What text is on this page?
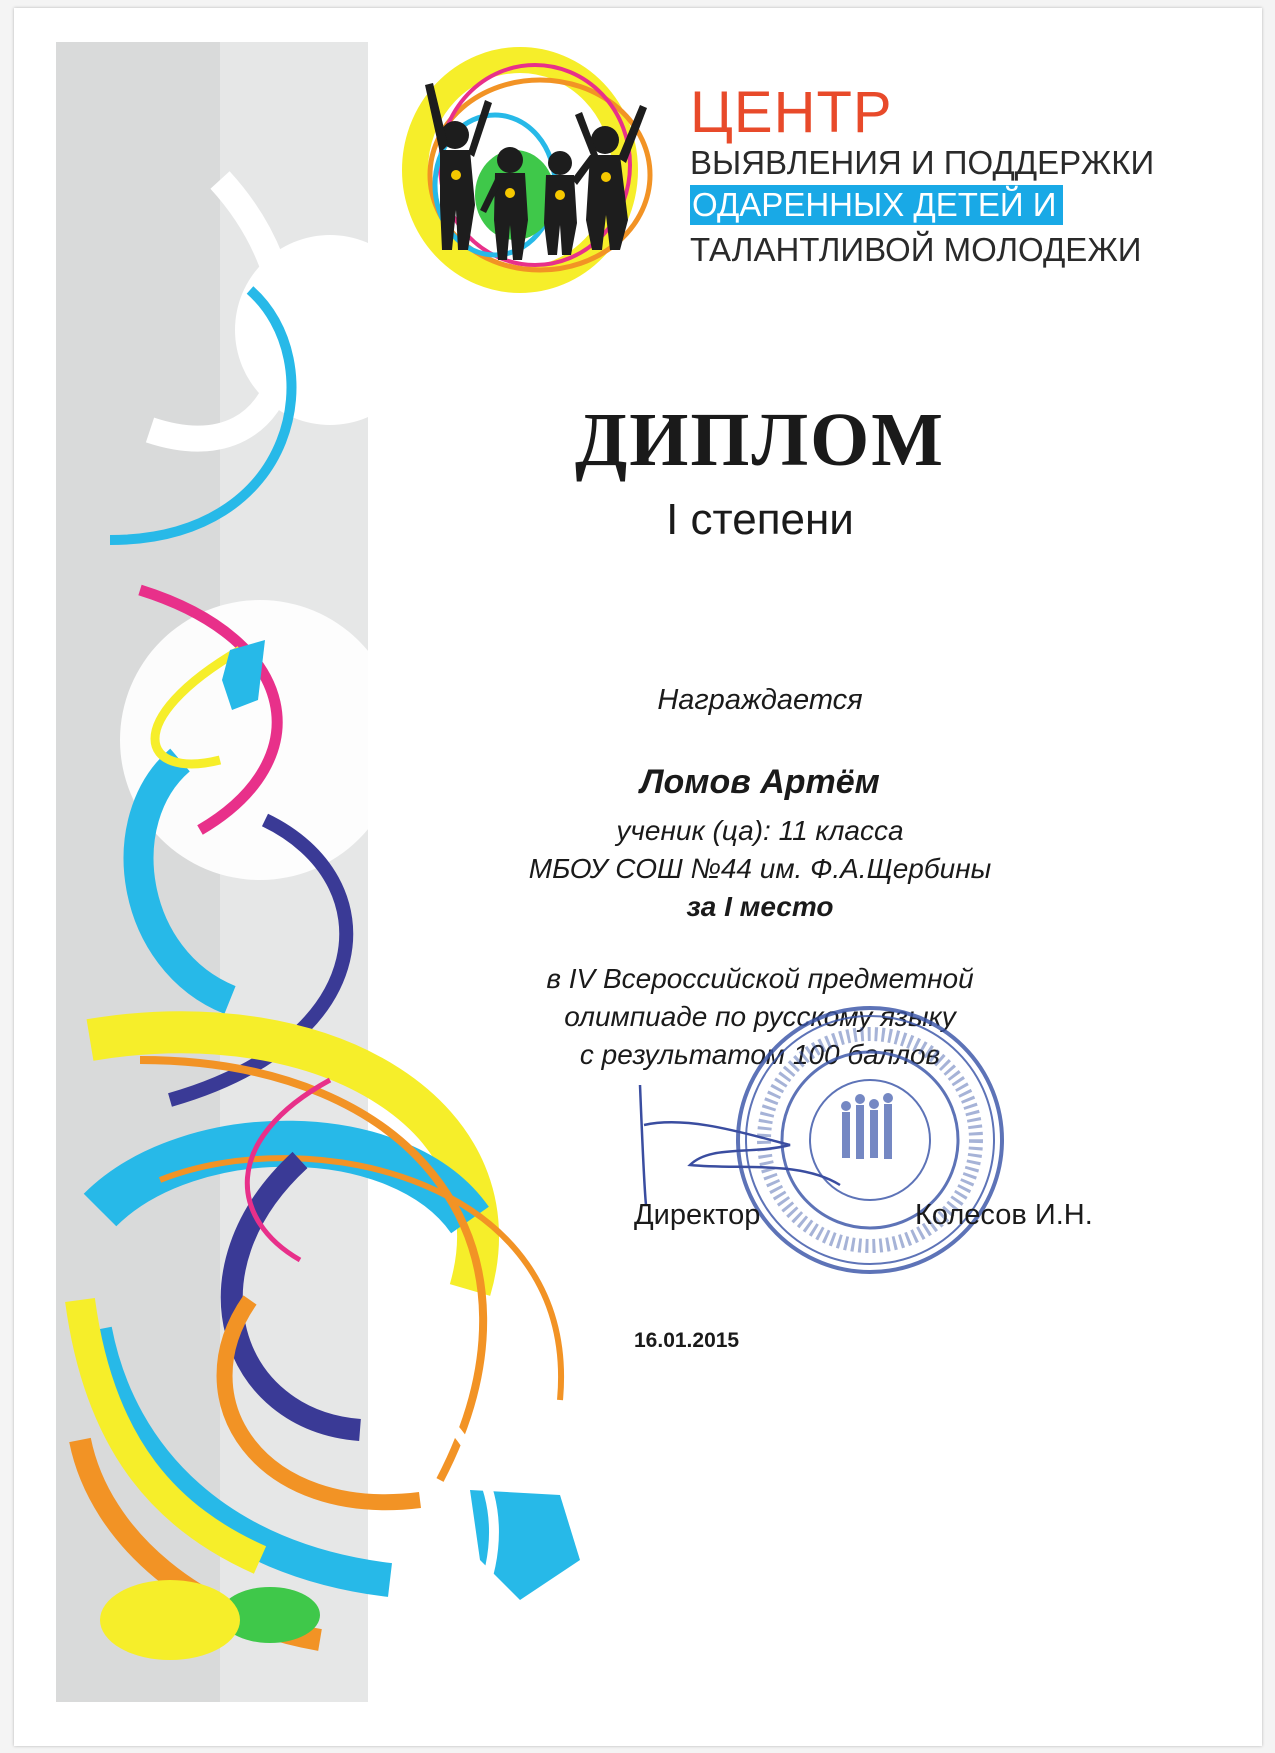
ЦЕНТР
ВЫЯВЛЕНИЯ И ПОДДЕРЖКИ
ОДАРЕННЫХ ДЕТЕЙ И
ТАЛАНТЛИВОЙ МОЛОДЕЖИ
ДИПЛОМ
I степени
Награждается
Ломов Артём
ученик (ца): 11 класса
МБОУ СОШ №44 им. Ф.А.Щербины
за I место
в IV Всероссийской предметной
олимпиаде по русскому языку
с результатом 100 баллов
Директор	Колесов И.Н.
16.01.2015
